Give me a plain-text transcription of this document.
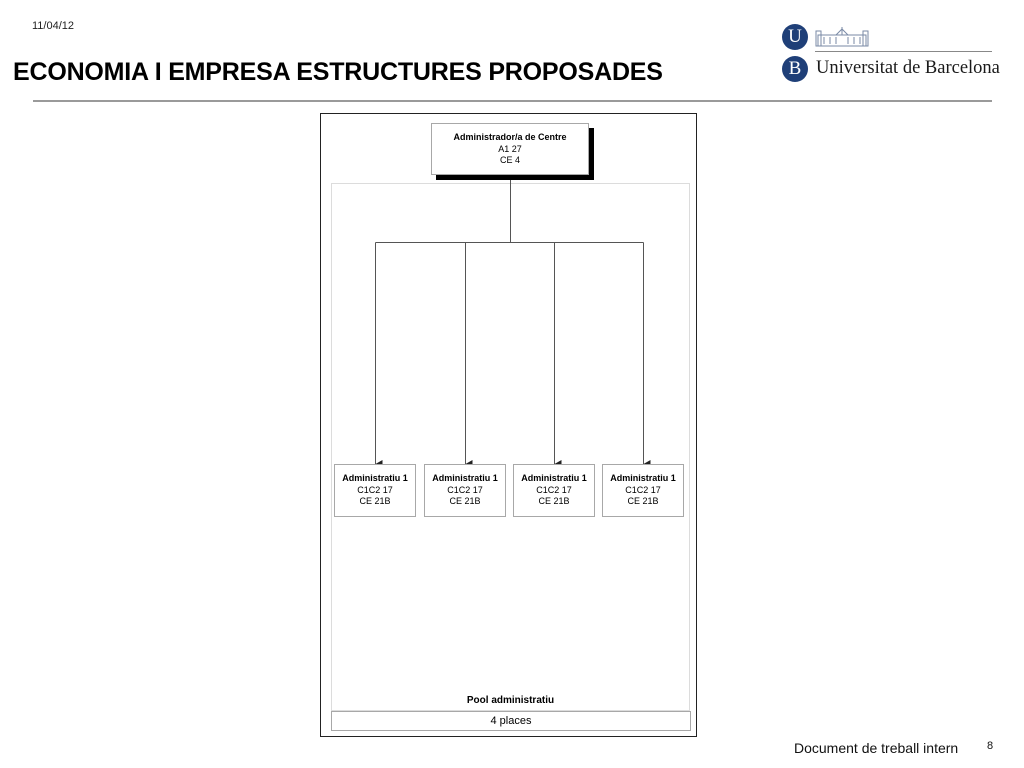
11/04/12
ECONOMIA I EMPRESA ESTRUCTURES PROPOSADES
U
B Universitat de Barcelona
Administrador/a de Centre
A1 27
CE 4
Administratiu 1
C1C2 17
CE 21B
Administratiu 1
C1C2 17
CE 21B
Administratiu 1
C1C2 17
CE 21B
Administratiu 1
C1C2 17
CE 21B
Pool administratiu
4 places
Document de treball intern	8
